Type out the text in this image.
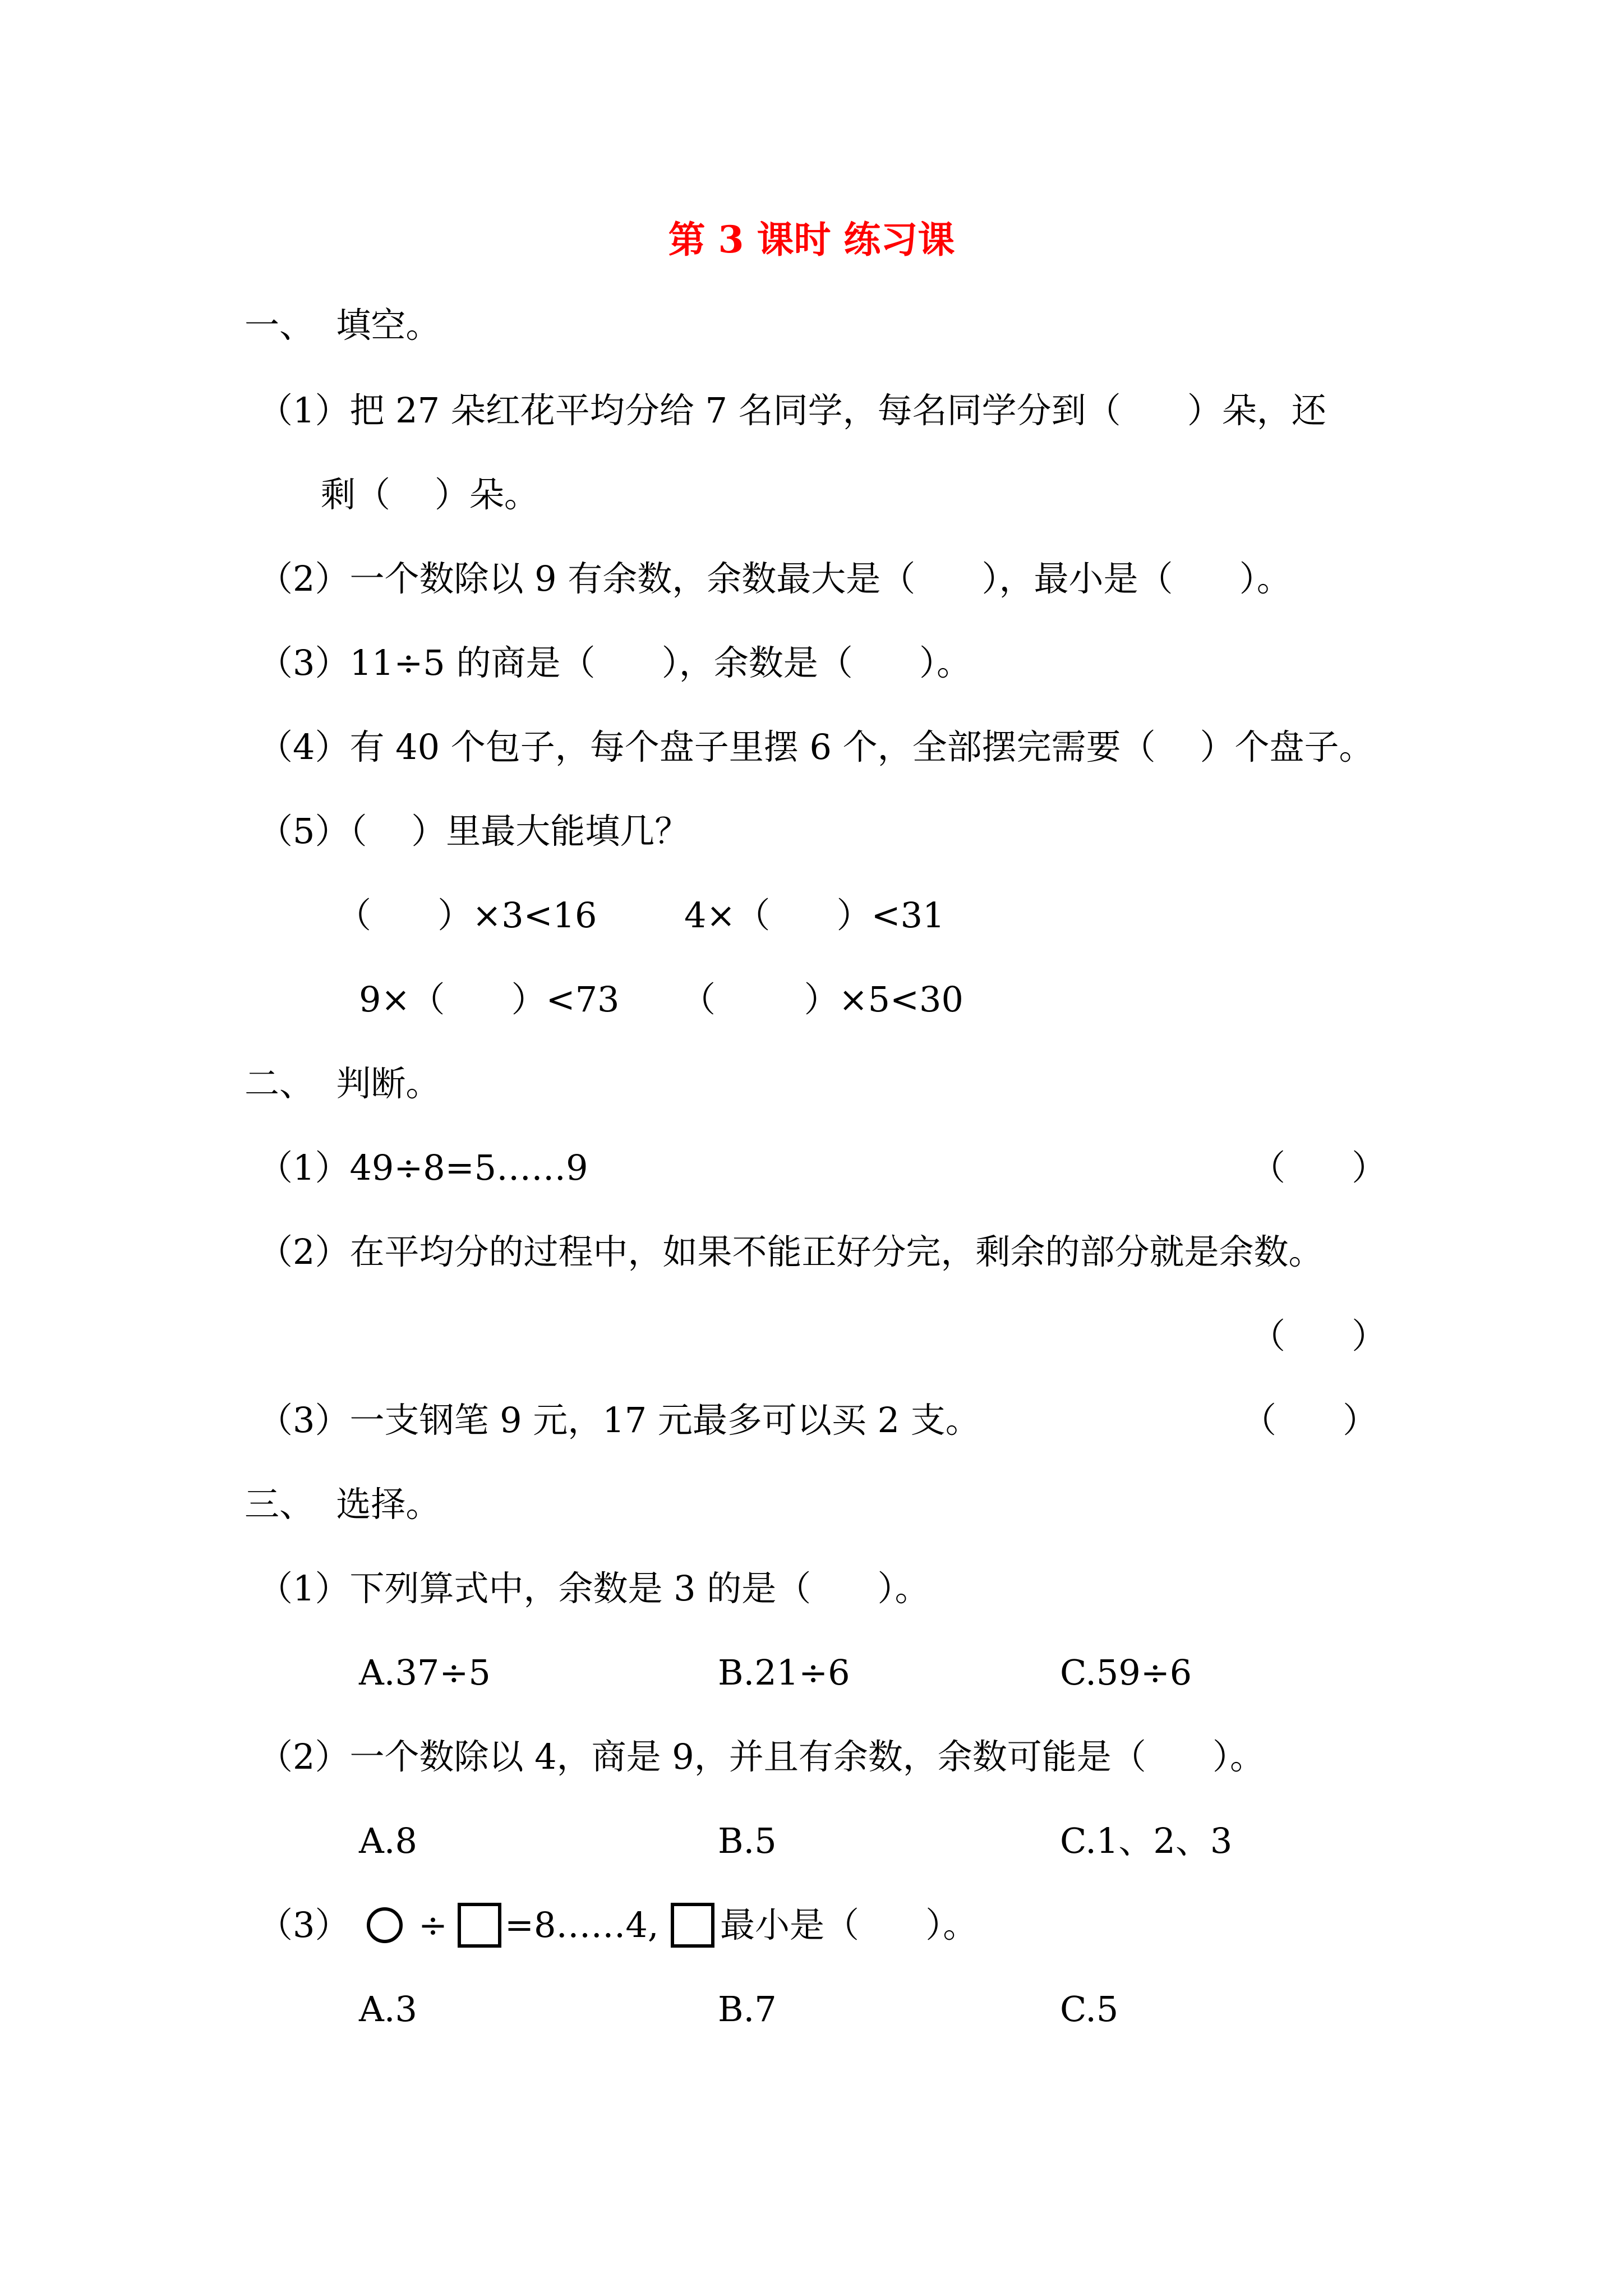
第 3 课时 练习课
一、  填空。
（1）把 27 朵红花平均分给 7 名同学，每名同学分到（      ）朵，还
剩（    ）朵。
（2）一个数除以 9 有余数，余数最大是（      ），最小是（      ）。
（3）11÷5 的商是（      ），余数是（      ）。
（4）有 40 个包子，每个盘子里摆 6 个，全部摆完需要（    ）个盘子。
（5）（    ）里最大能填几？
（      ）×3<16	4×（      ）<31
9×（      ）<73 （        ）×5<30
二、  判断。
（1）49÷8=5……9	（      ）
（2）在平均分的过程中，如果不能正好分完，剩余的部分就是余数。
（      ）
（3）一支钢笔 9 元，17 元最多可以买 2 支。	（      ）
三、  选择。
（1）下列算式中，余数是 3 的是（      ）。
A.37÷5	B.21÷6	C.59÷6
（2）一个数除以 4，商是 9，并且有余数，余数可能是（      ）。
A.8	B.5	C.1、2、3
（3） ÷ =8……4, 最小是（      ）。
A.3	B.7	C.5
